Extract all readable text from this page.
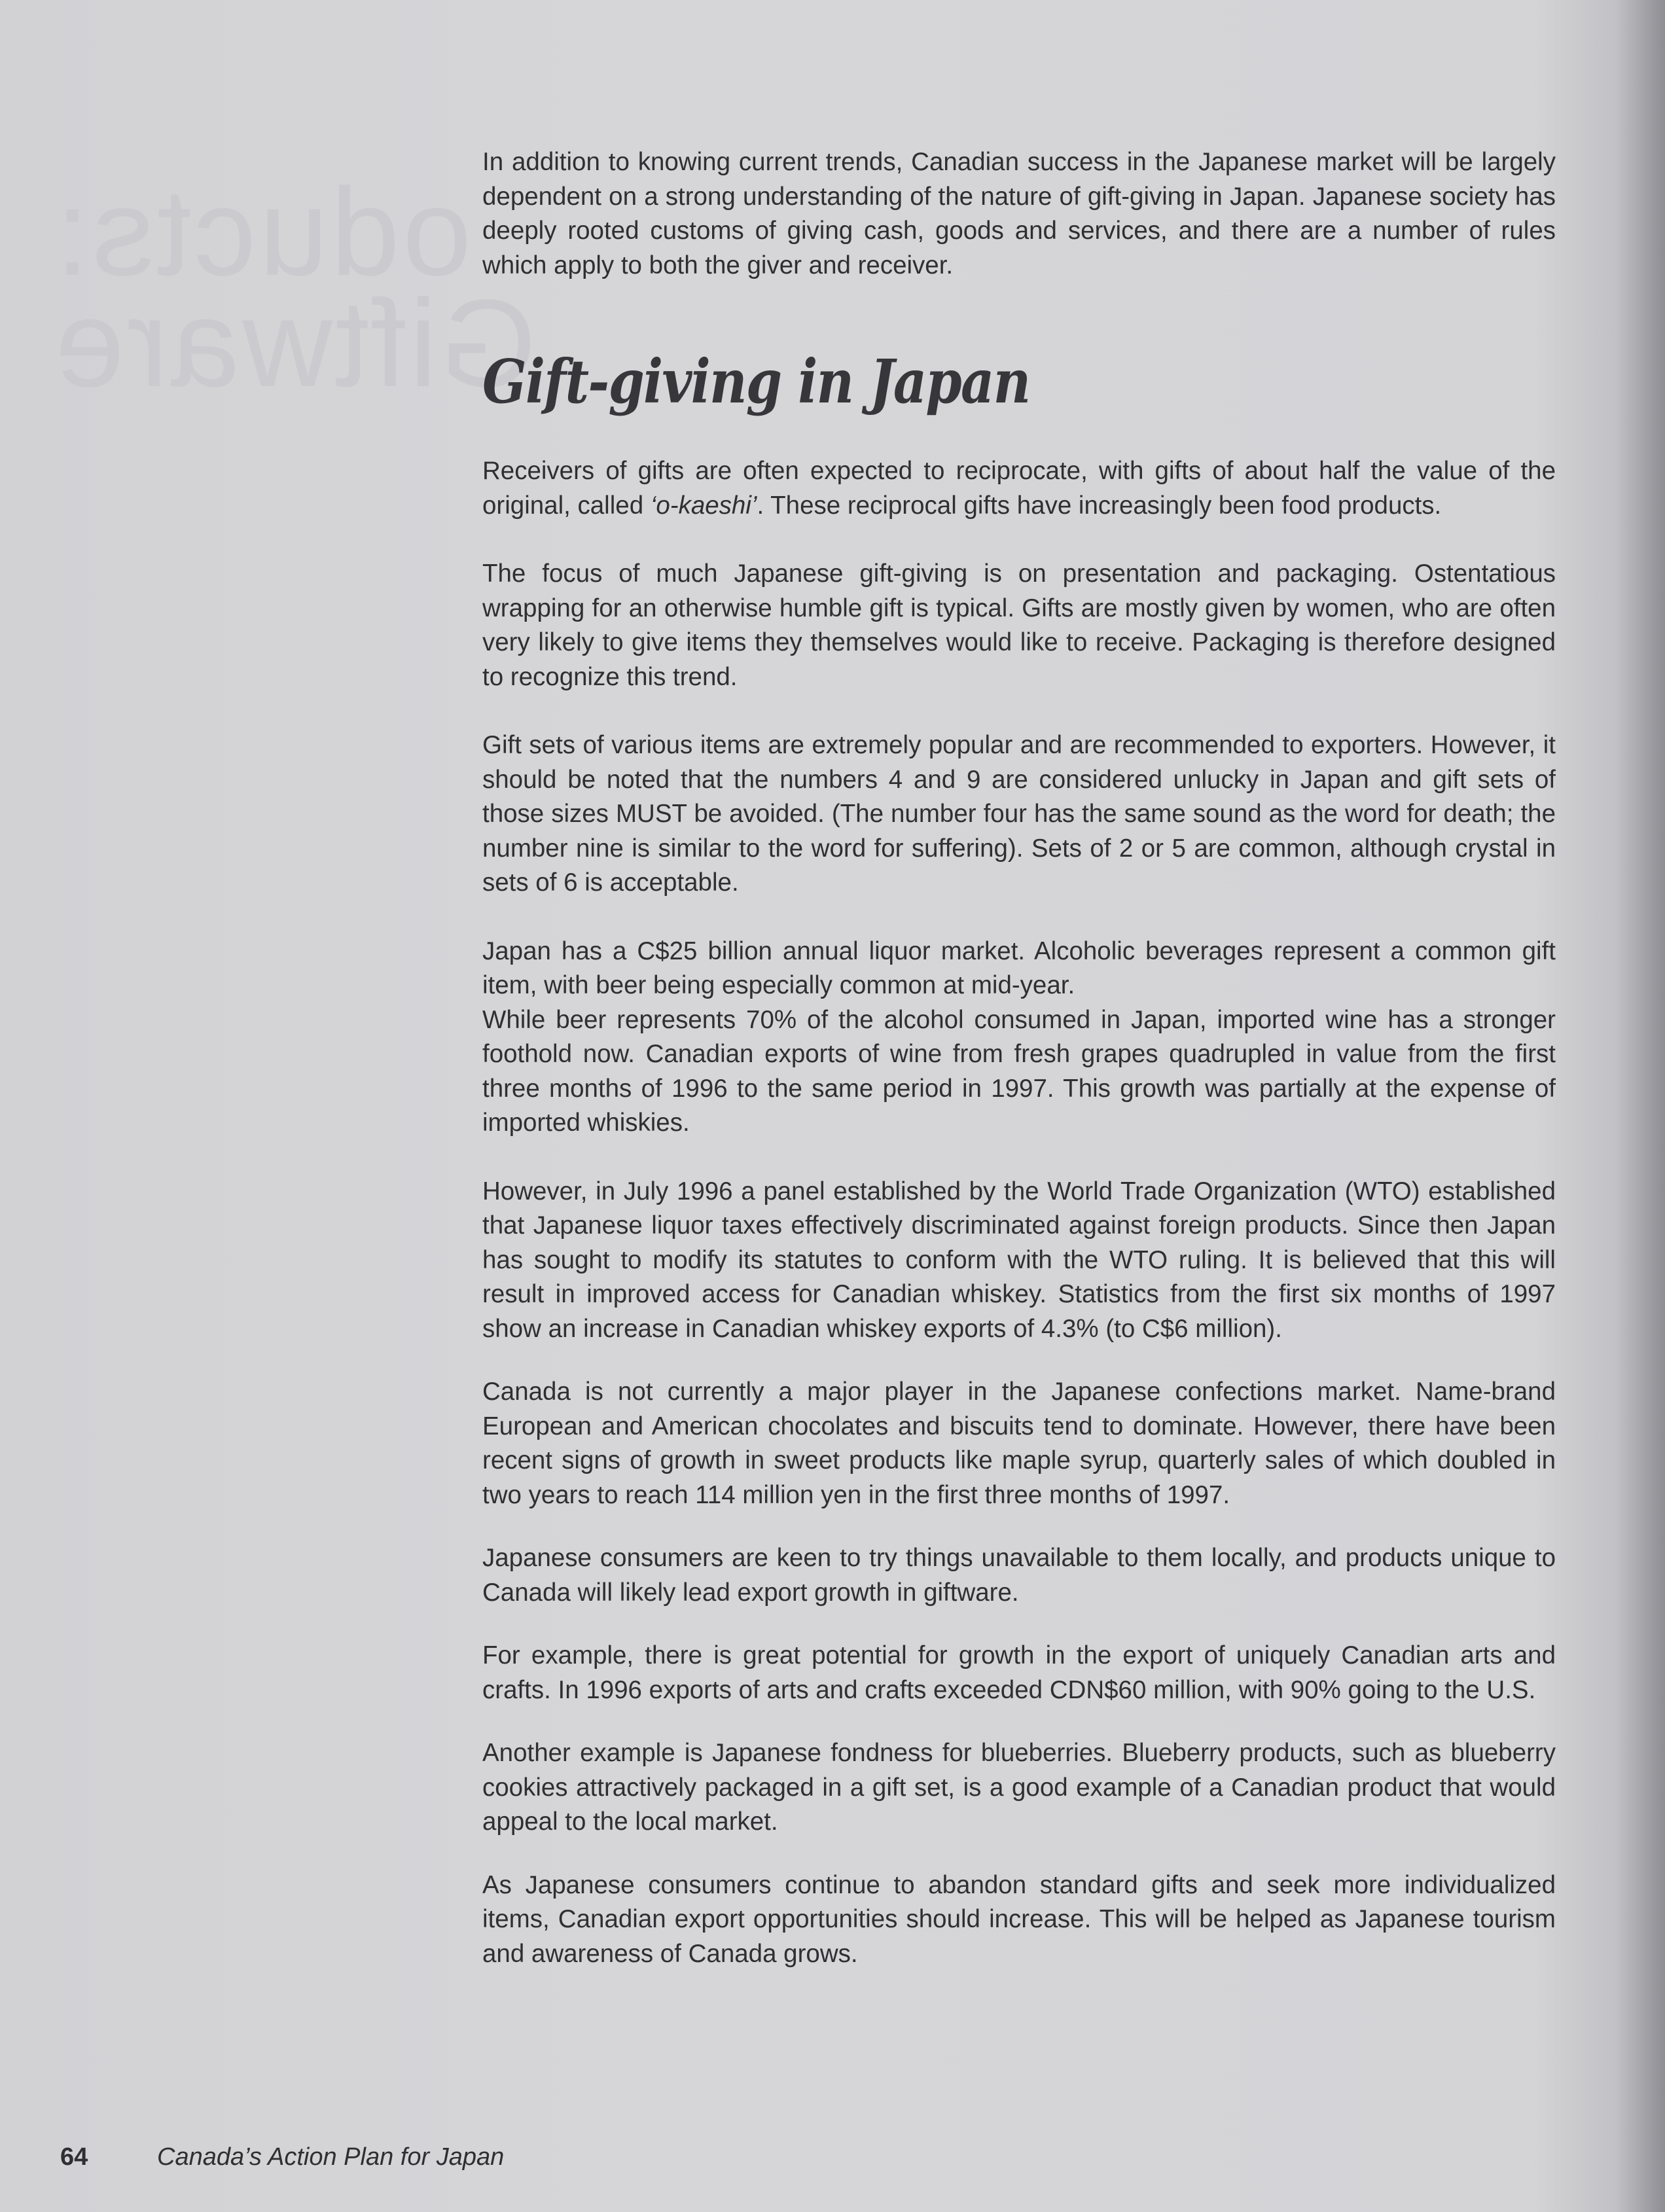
oducts:
Giftware

In addition to knowing current trends, Canadian success in the Japanese market will be largely dependent on a strong understanding of the nature of gift-giving in Japan. Japanese society has deeply rooted customs of giving cash, goods and services, and there are a number of rules which apply to both the giver and receiver.

Gift-giving in Japan

Receivers of gifts are often expected to reciprocate, with gifts of about half the value of the original, called ‘o-kaeshi’. These reciprocal gifts have increasingly been food products.

The focus of much Japanese gift-giving is on presentation and packaging. Ostentatious wrapping for an otherwise humble gift is typical. Gifts are mostly given by women, who are often very likely to give items they themselves would like to receive. Packaging is therefore designed to recognize this trend.

Gift sets of various items are extremely popular and are recommended to exporters. However, it should be noted that the numbers 4 and 9 are considered unlucky in Japan and gift sets of those sizes MUST be avoided. (The number four has the same sound as the word for death; the number nine is similar to the word for suffering). Sets of 2 or 5 are common, although crystal in sets of 6 is acceptable.

Japan has a C$25 billion annual liquor market. Alcoholic beverages represent a common gift item, with beer being especially common at mid-year.

While beer represents 70% of the alcohol consumed in Japan, imported wine has a stronger foothold now. Canadian exports of wine from fresh grapes quadrupled in value from the first three months of 1996 to the same period in 1997. This growth was partially at the expense of imported whiskies.

However, in July 1996 a panel established by the World Trade Organization (WTO) established that Japanese liquor taxes effectively discriminated against foreign products. Since then Japan has sought to modify its statutes to conform with the WTO ruling. It is believed that this will result in improved access for Canadian whiskey. Statistics from the first six months of 1997 show an increase in Canadian whiskey exports of 4.3% (to C$6 million).

Canada is not currently a major player in the Japanese confections market. Name-brand European and American chocolates and biscuits tend to dominate. However, there have been recent signs of growth in sweet products like maple syrup, quarterly sales of which doubled in two years to reach 114 million yen in the first three months of 1997.

Japanese consumers are keen to try things unavailable to them locally, and products unique to Canada will likely lead export growth in giftware.

For example, there is great potential for growth in the export of uniquely Canadian arts and crafts. In 1996 exports of arts and crafts exceeded CDN$60 million, with 90% going to the U.S.

Another example is Japanese fondness for blueberries. Blueberry products, such as blueberry cookies attractively packaged in a gift set, is a good example of a Canadian product that would appeal to the local market.

As Japanese consumers continue to abandon standard gifts and seek more individualized items, Canadian export opportunities should increase. This will be helped as Japanese tourism and awareness of Canada grows.

64	Canada’s Action Plan for Japan
